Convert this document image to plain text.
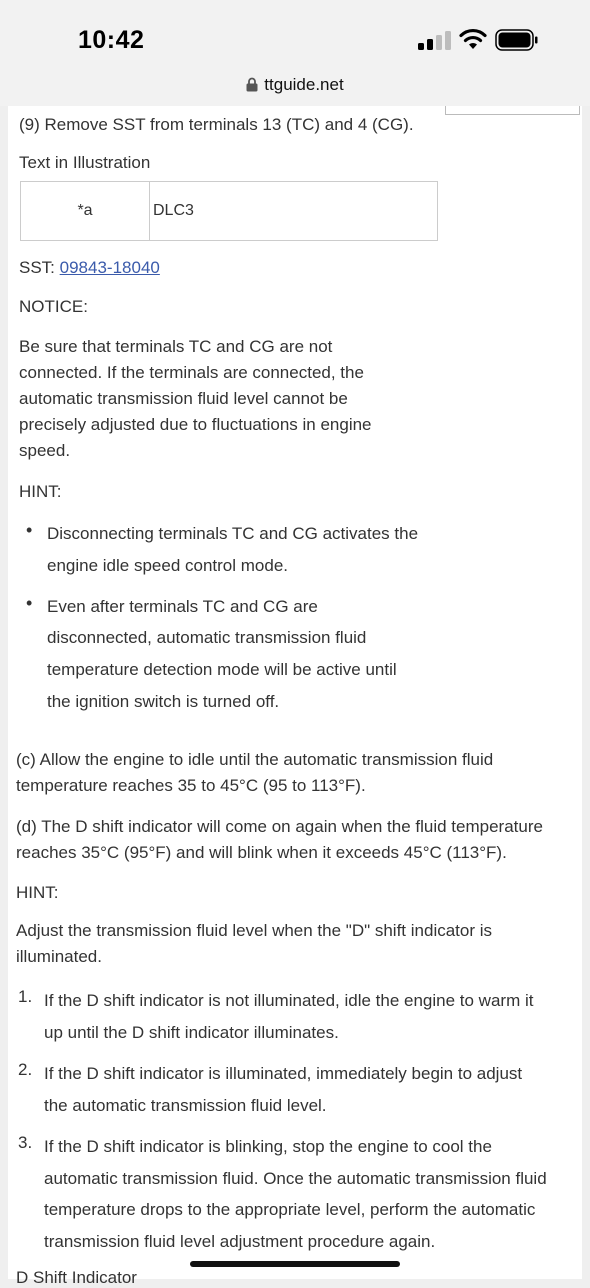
10:42
ttguide.net

(9) Remove SST from terminals 13 (TC) and 4 (CG).

Text in Illustration

*a	DLC3

SST: 09843-18040

NOTICE:

Be sure that terminals TC and CG are not

connected. If the terminals are connected, the

automatic transmission fluid level cannot be

precisely adjusted due to fluctuations in engine

speed.

HINT:

• Disconnecting terminals TC and CG activates the
engine idle speed control mode.
• Even after terminals TC and CG are
disconnected, automatic transmission fluid
temperature detection mode will be active until
the ignition switch is turned off.

(c) Allow the engine to idle until the automatic transmission fluid

temperature reaches 35 to 45°C (95 to 113°F).

(d) The D shift indicator will come on again when the fluid temperature

reaches 35°C (95°F) and will blink when it exceeds 45°C (113°F).

HINT:

Adjust the transmission fluid level when the "D" shift indicator is

illuminated.

1. If the D shift indicator is not illuminated, idle the engine to warm it
up until the D shift indicator illuminates.
2. If the D shift indicator is illuminated, immediately begin to adjust
the automatic transmission fluid level.
3. If the D shift indicator is blinking, stop the engine to cool the
automatic transmission fluid. Once the automatic transmission fluid
temperature drops to the appropriate level, perform the automatic
transmission fluid level adjustment procedure again.
D Shift Indicator
